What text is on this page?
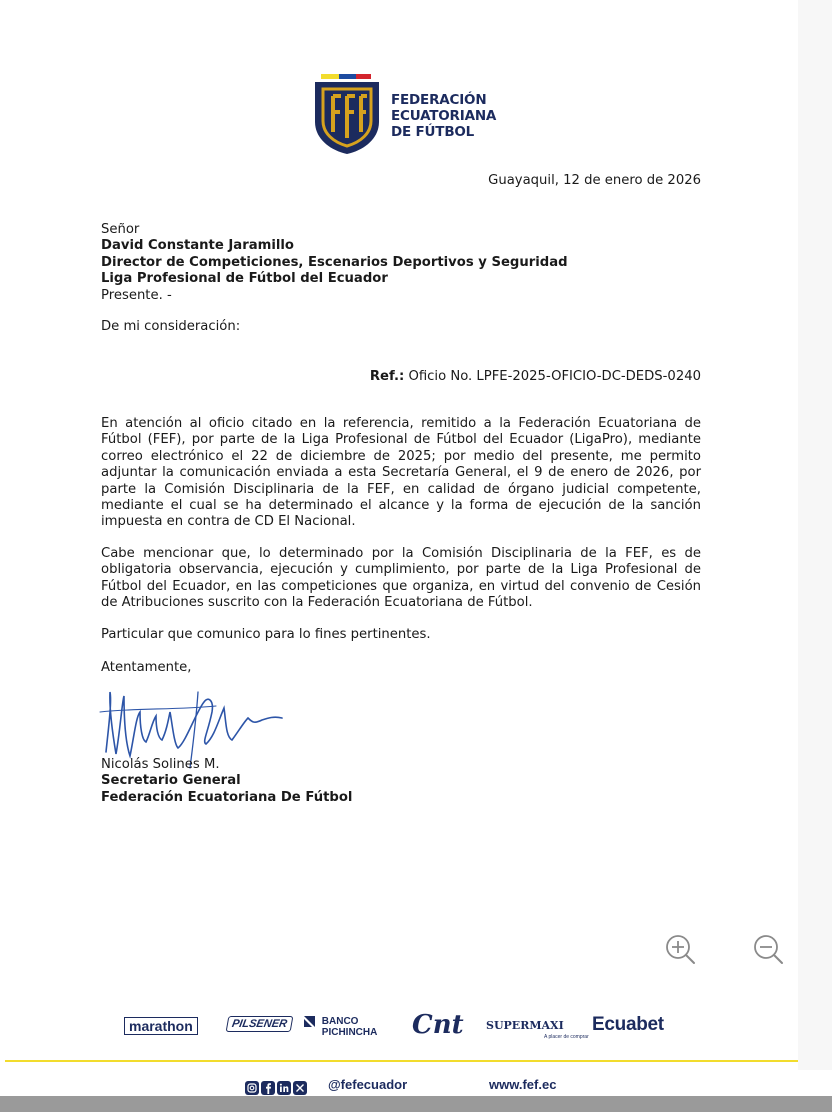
FEDERACIÓN
ECUATORIANA
DE FÚTBOL
Guayaquil, 12 de enero de 2026
Señor
David Constante Jaramillo
Director de Competiciones, Escenarios Deportivos y Seguridad
Liga Profesional de Fútbol del Ecuador
Presente. -
De mi consideración:
Ref.: Oficio No. LPFE-2025-OFICIO-DC-DEDS-0240
En atención al oficio citado en la referencia, remitido a la Federación Ecuatoriana de Fútbol (FEF), por parte de la Liga Profesional de Fútbol del Ecuador (LigaPro), mediante correo electrónico el 22 de diciembre de 2025; por medio del presente, me permito adjuntar la comunicación enviada a esta Secretaría General, el 9 de enero de 2026, por parte la Comisión Disciplinaria de la FEF, en calidad de órgano judicial competente, mediante el cual se ha determinado el alcance y la forma de ejecución de la sanción impuesta en contra de CD El Nacional.
Cabe mencionar que, lo determinado por la Comisión Disciplinaria de la FEF, es de obligatoria observancia, ejecución y cumplimiento, por parte de la Liga Profesional de Fútbol del Ecuador, en las competiciones que organiza, en virtud del convenio de Cesión de Atribuciones suscrito con la Federación Ecuatoriana de Fútbol.
Particular que comunico para lo fines pertinentes.
Atentamente,
Nicolás Solines M.
Secretario General
Federación Ecuatoriana De Fútbol
marathon	PILSENER
	BANCO
PICHINCHA Cnt SUPERMAXI
A placer de comprar
Ecuabet
@fefecuador	www.fef.ec
